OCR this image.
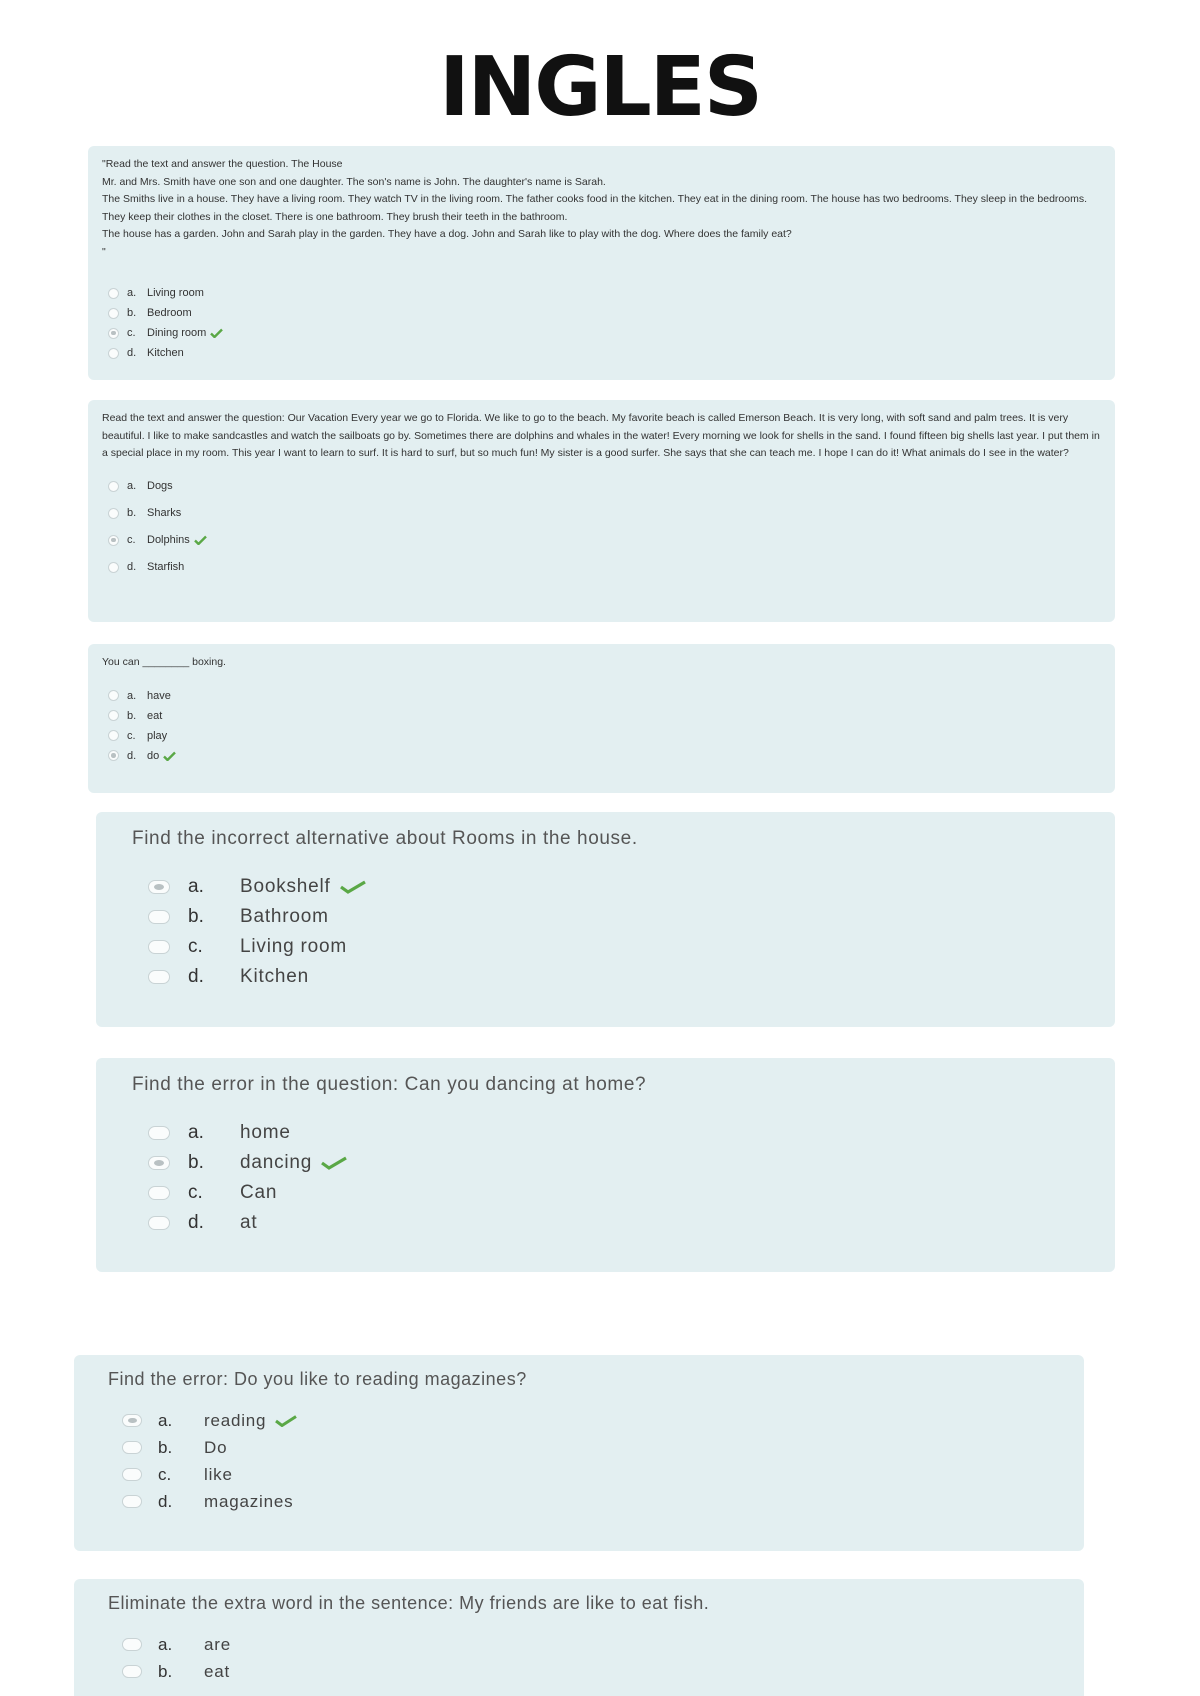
INGLES

"Read the text and answer the question. The House
Mr. and Mrs. Smith have one son and one daughter. The son's name is John. The daughter's name is Sarah.
The Smiths live in a house. They have a living room. They watch TV in the living room. The father cooks food in the kitchen. They eat in the dining room. The house has two bedrooms. They sleep in the bedrooms. They keep their clothes in the closet. There is one bathroom. They brush their teeth in the bathroom.
The house has a garden. John and Sarah play in the garden. They have a dog. John and Sarah like to play with the dog. Where does the family eat?
"

a. Living room
b. Bedroom
c.	Dining room
d. Kitchen

Read the text and answer the question: Our Vacation Every year we go to Florida. We like to go to the beach. My favorite beach is called Emerson Beach. It is very long, with soft sand and palm trees. It is very beautiful. I like to make sandcastles and watch the sailboats go by. Sometimes there are dolphins and whales in the water! Every morning we look for shells in the sand. I found fifteen big shells last year. I put them in a special place in my room. This year I want to learn to surf. It is hard to surf, but so much fun! My sister is a good surfer. She says that she can teach me. I hope I can do it! What animals do I see in the water?

a. Dogs
b. Sharks
c.	Dolphins
d. Starfish

You can ________ boxing.

a. have
b. eat
c.	play
d. do

Find the incorrect alternative about Rooms in the house.

a.	Bookshelf
b.	Bathroom
c.	Living room
d.	Kitchen

Find the error in the question: Can you dancing at home?

a.	home
b.	dancing
c.	Can
d.	at

Find the error: Do you like to reading magazines?

a.	reading
b.	Do
c.	like
d.	magazines

Eliminate the extra word in the sentence: My friends are like to eat fish.

a.	are
b.	eat
